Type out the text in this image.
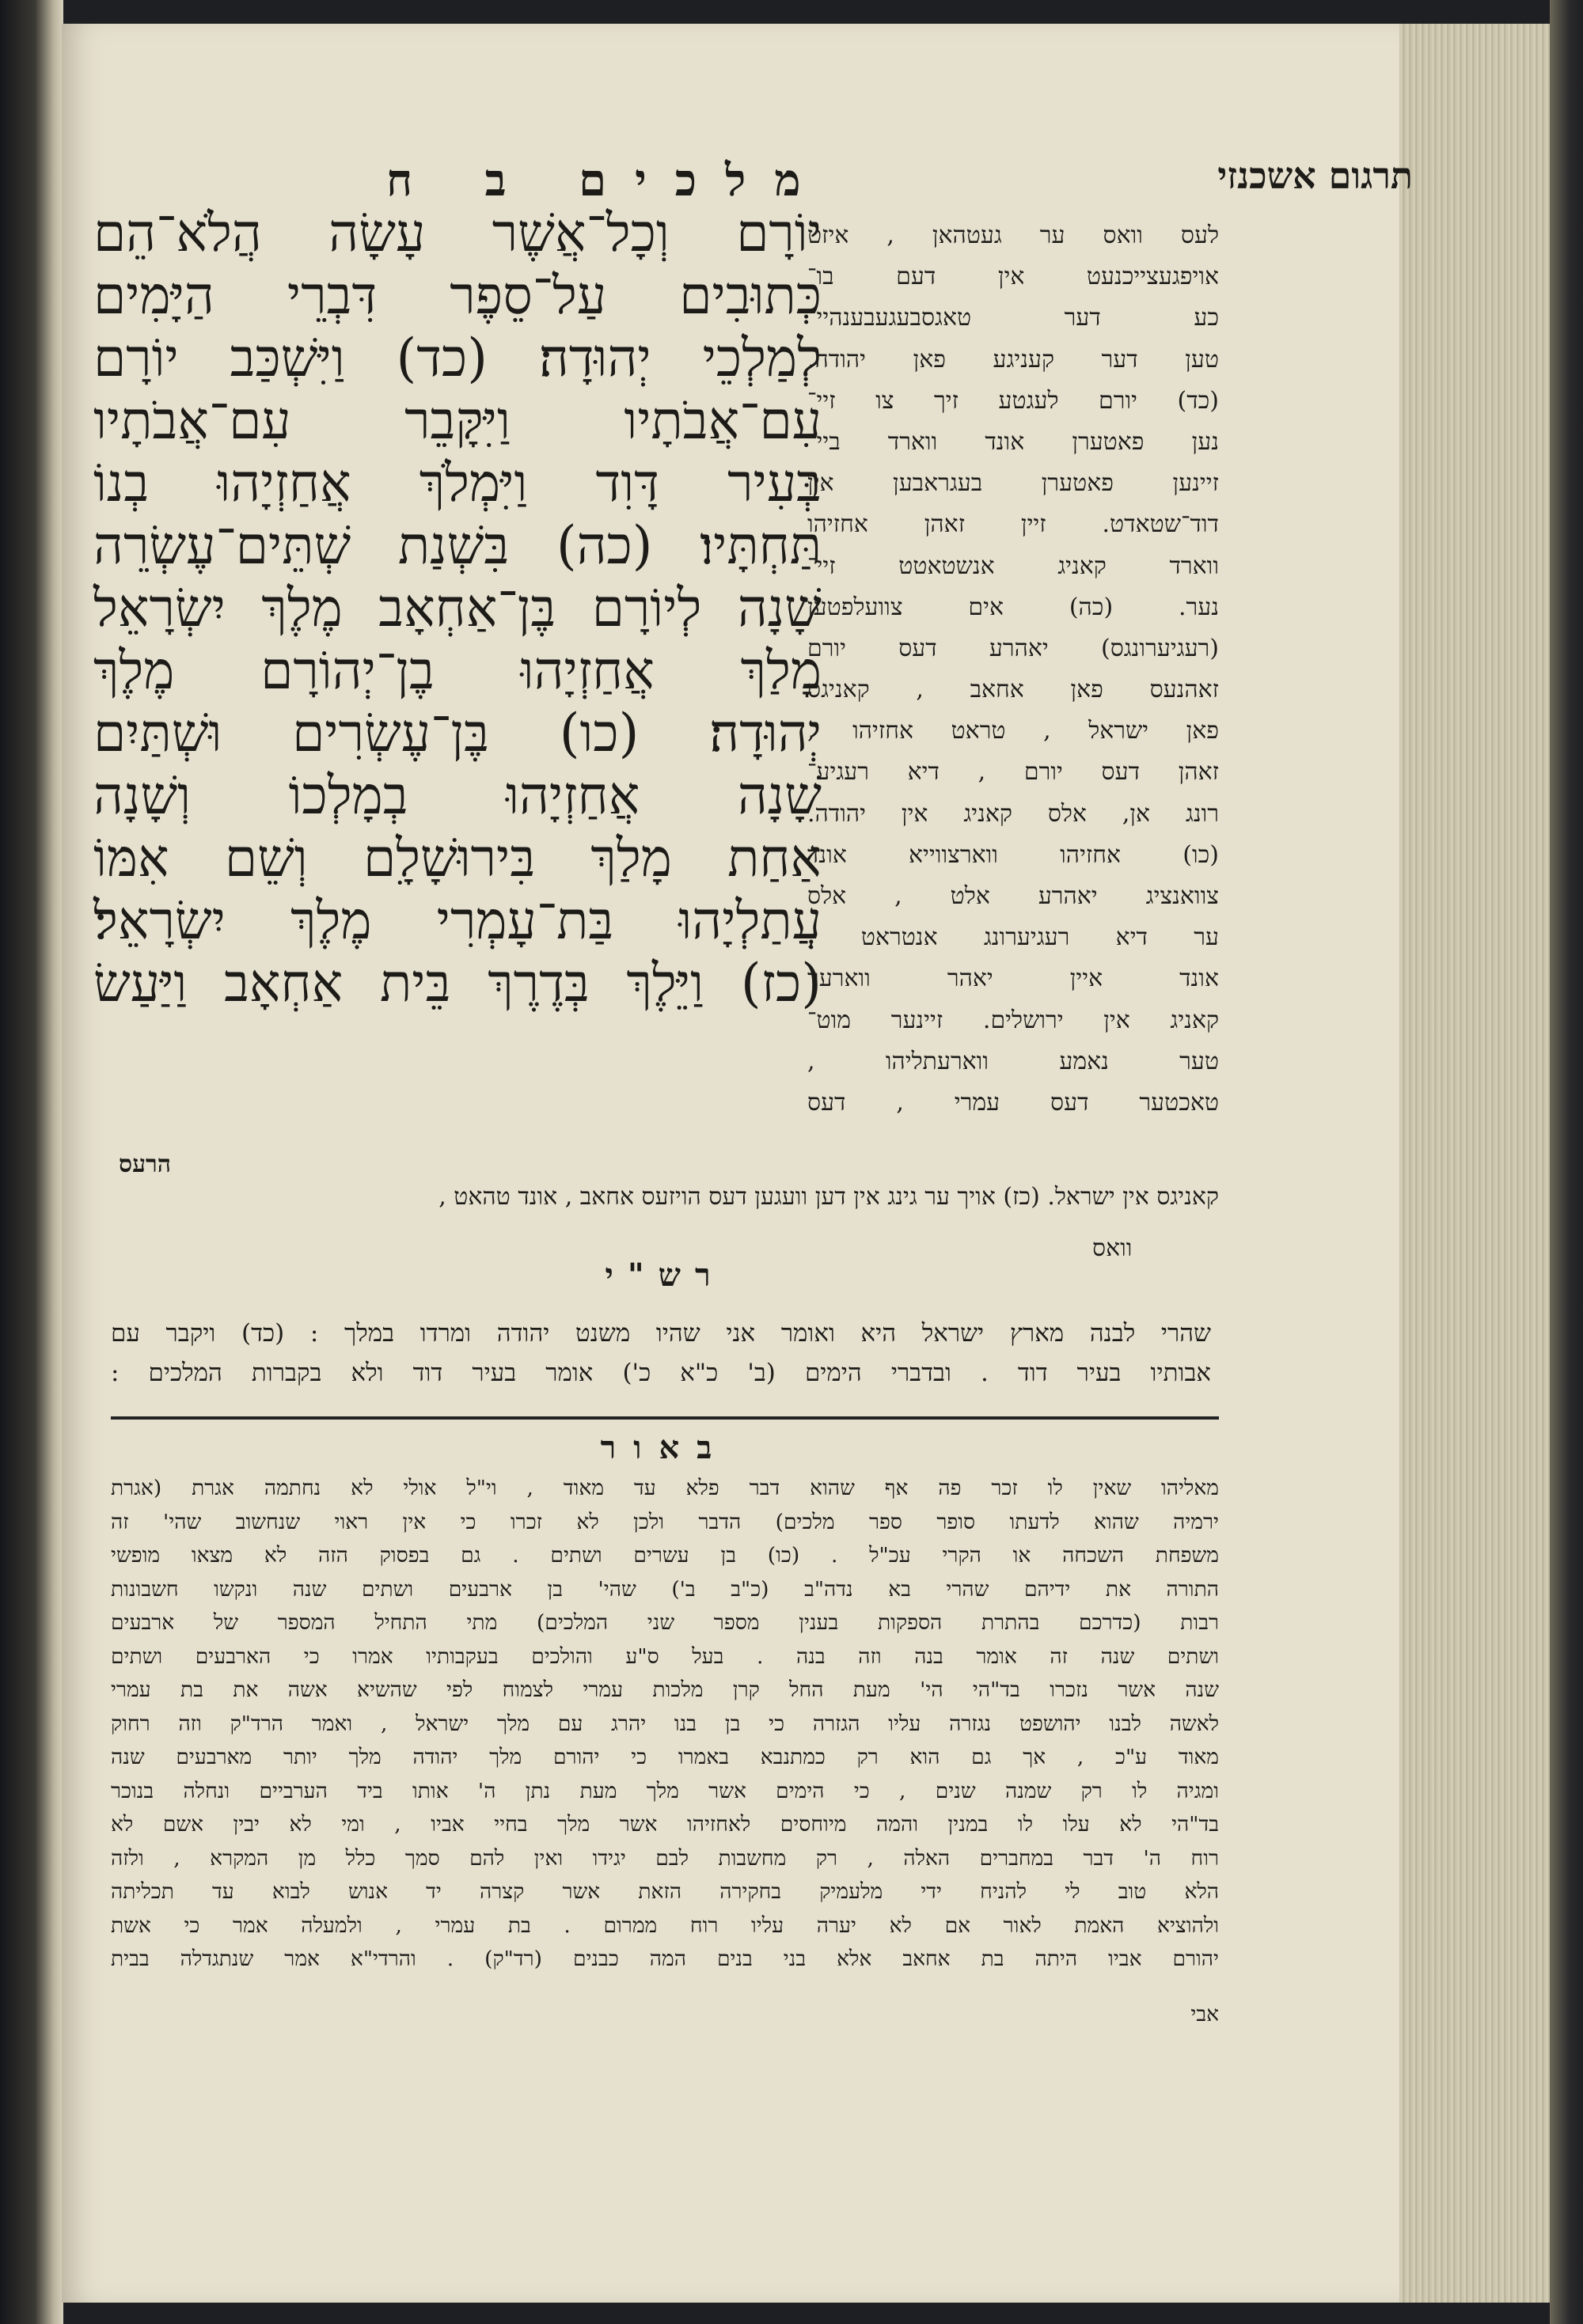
מלכים ב ח	תרגום אשכנזי
יוֹרָם וְכָל־אֲשֶׁר עָשָׂה הֲלֹא־הֵם
כְּתוּבִים עַל־סֵפֶר דִּבְרֵי הַיָּמִים
לְמַלְכֵי יְהוּדָה׃ (כד) וַיִּשְׁכַּב יוֹרָם
עִם־אֲבֹתָיו וַיִּקָּבֵר עִם־אֲבֹתָיו
בְּעִיר דָּוִד וַיִּמְלֹךְ אֲחַזְיָהוּ בְנוֹ
תַּחְתָּיו׃ (כה) בִּשְׁנַת שְׁתֵּים־עֶשְׂרֵה
שָׁנָה לְיוֹרָם בֶּן־אַחְאָב מֶלֶךְ יִשְׂרָאֵל
מָלַךְ אֲחַזְיָהוּ בֶן־יְהוֹרָם מֶלֶךְ
יְהוּדָה׃ (כו) בֶּן־עֶשְׂרִים וּשְׁתַּיִם
שָׁנָה אֲחַזְיָהוּ בְמָלְכוֹ וְשָׁנָה
אַחַת מָלַךְ בִּירוּשָׁלָ͏ִם וְשֵׁם אִמּוֹ
עֲתַלְיָהוּ בַּת־עָמְרִי מֶלֶךְ יִשְׂרָאֵל׃
(כז) וַיֵּלֶךְ בְּדֶרֶךְ בֵּית אַחְאָב וַיַּעַשׂ
לעס וואס ער געטהאן , איזט
אויפגעצייכנעט אין דעם בו־
כע דער טאגסבעגעבענהיי־
טען דער קעניגע פאן יהודה.
(כד) יורם לעגטע זיך צו זיי־
נען פאטערן אונד ווארד ביי־
זיינען פאטערן בעגראבען אין
דוד־שטאדט. זיין זאהן אחזיהו
ווארד קאניג אנשטאטט זיי־
נער. (כה) אים צוועלפטען
(רעגיערונגס) יאהרע דעס יורם
זאהנעס פאן אחאב , קאניגס
פאן ישראל , טראט אחזיהו ,
זאהן דעס יורם , דיא רעגיע־
רונג אן, אלס קאניג אין יהודה.
(כו) אחזיהו ווארצווייא אונד
צוואנציג יאהרע אלט , אלס
ער דיא רעגיערונג אנטראט ,
אונד איין יאהר ווארער
קאניג אין ירושלים. זיינער מוט־
טער נאמע ווארעתליהו ,
טאכטער דעס עמרי , דעס
הרעס
קאניגס אין ישראל. (כז) אויך ער גינג אין דען וועגען דעס הויזעס אחאב , אונד טהאט ,
וואס
רש"י
שהרי לבנה מארץ ישראל היא ואומר אני שהיו משנט יהודה ומרדו במלך : (כד) ויקבר עם
אבותיו בעיר דוד . ובדברי הימים (ב' כ"א כ') אומר בעיר דוד ולא בקברות המלכים :
באור
מאליהו שאין לו זכר פה אף שהוא דבר פלא עד מאוד , וי"ל אולי לא נחתמה אגרת (אגרת
ירמיה שהוא לדעתו סופר ספר מלכים) הדבר ולכן לא זכרו כי אין ראוי שנחשוב שהי' זה
משפחת השכחה או הקרי עכ"ל . (כו) בן עשרים ושתים . גם בפסוק הזה לא מצאו מופשי
התורה את ידיהם שהרי בא נדה"ב (כ"ב ב') שהי' בן ארבעים ושתים שנה ונקשו חשבונות
רבות (כדרכם בהתרת הספקות בענין מספר שני המלכים) מתי התחיל המספר של ארבעים
ושתים שנה זה אומר בנה וזה בנה . בעל ס"ע והולכים בעקבותיו אמרו כי הארבעים ושתים
שנה אשר נזכרו בד"הי הי' מעת החל קרן מלכות עמרי לצמוח לפי שהשיא אשה את בת עמרי
לאשה לבנו יהושפט נגזרה עליו הגזרה כי בן בנו יהרג עם מלך ישראל , ואמר הרד"ק וזה רחוק
מאוד ע"כ , אך גם הוא רק כמתנבא באמרו כי יהורם מלך יהודה מלך יותר מארבעים שנה
ומגיה לו רק שמנה שנים , כי הימים אשר מלך מעת נתן ה' אותו ביד הערביים ונחלה בנוכר
בד"הי לא עלו לו במנין והמה מיוחסים לאחזיהו אשר מלך בחיי אביו , ומי לא יבין אשם לא
רוח ה' דבר במחברים האלה , רק מחשבות לבם יגידו ואין להם סמך כלל מן המקרא , ולזה
הלא טוב לי להניח ידי מלעמיק בחקירה הזאת אשר קצרה יד אנוש לבוא עד תכליתה
ולהוציא האמת לאור אם לא יערה עליו רוח ממרום . בת עמרי , ולמעלה אמר כי אשת
יהורם אביו היתה בת אחאב אלא בני בנים המה כבנים (רד"ק) . והרדי"א אמר שנתגדלה בבית
אבי
